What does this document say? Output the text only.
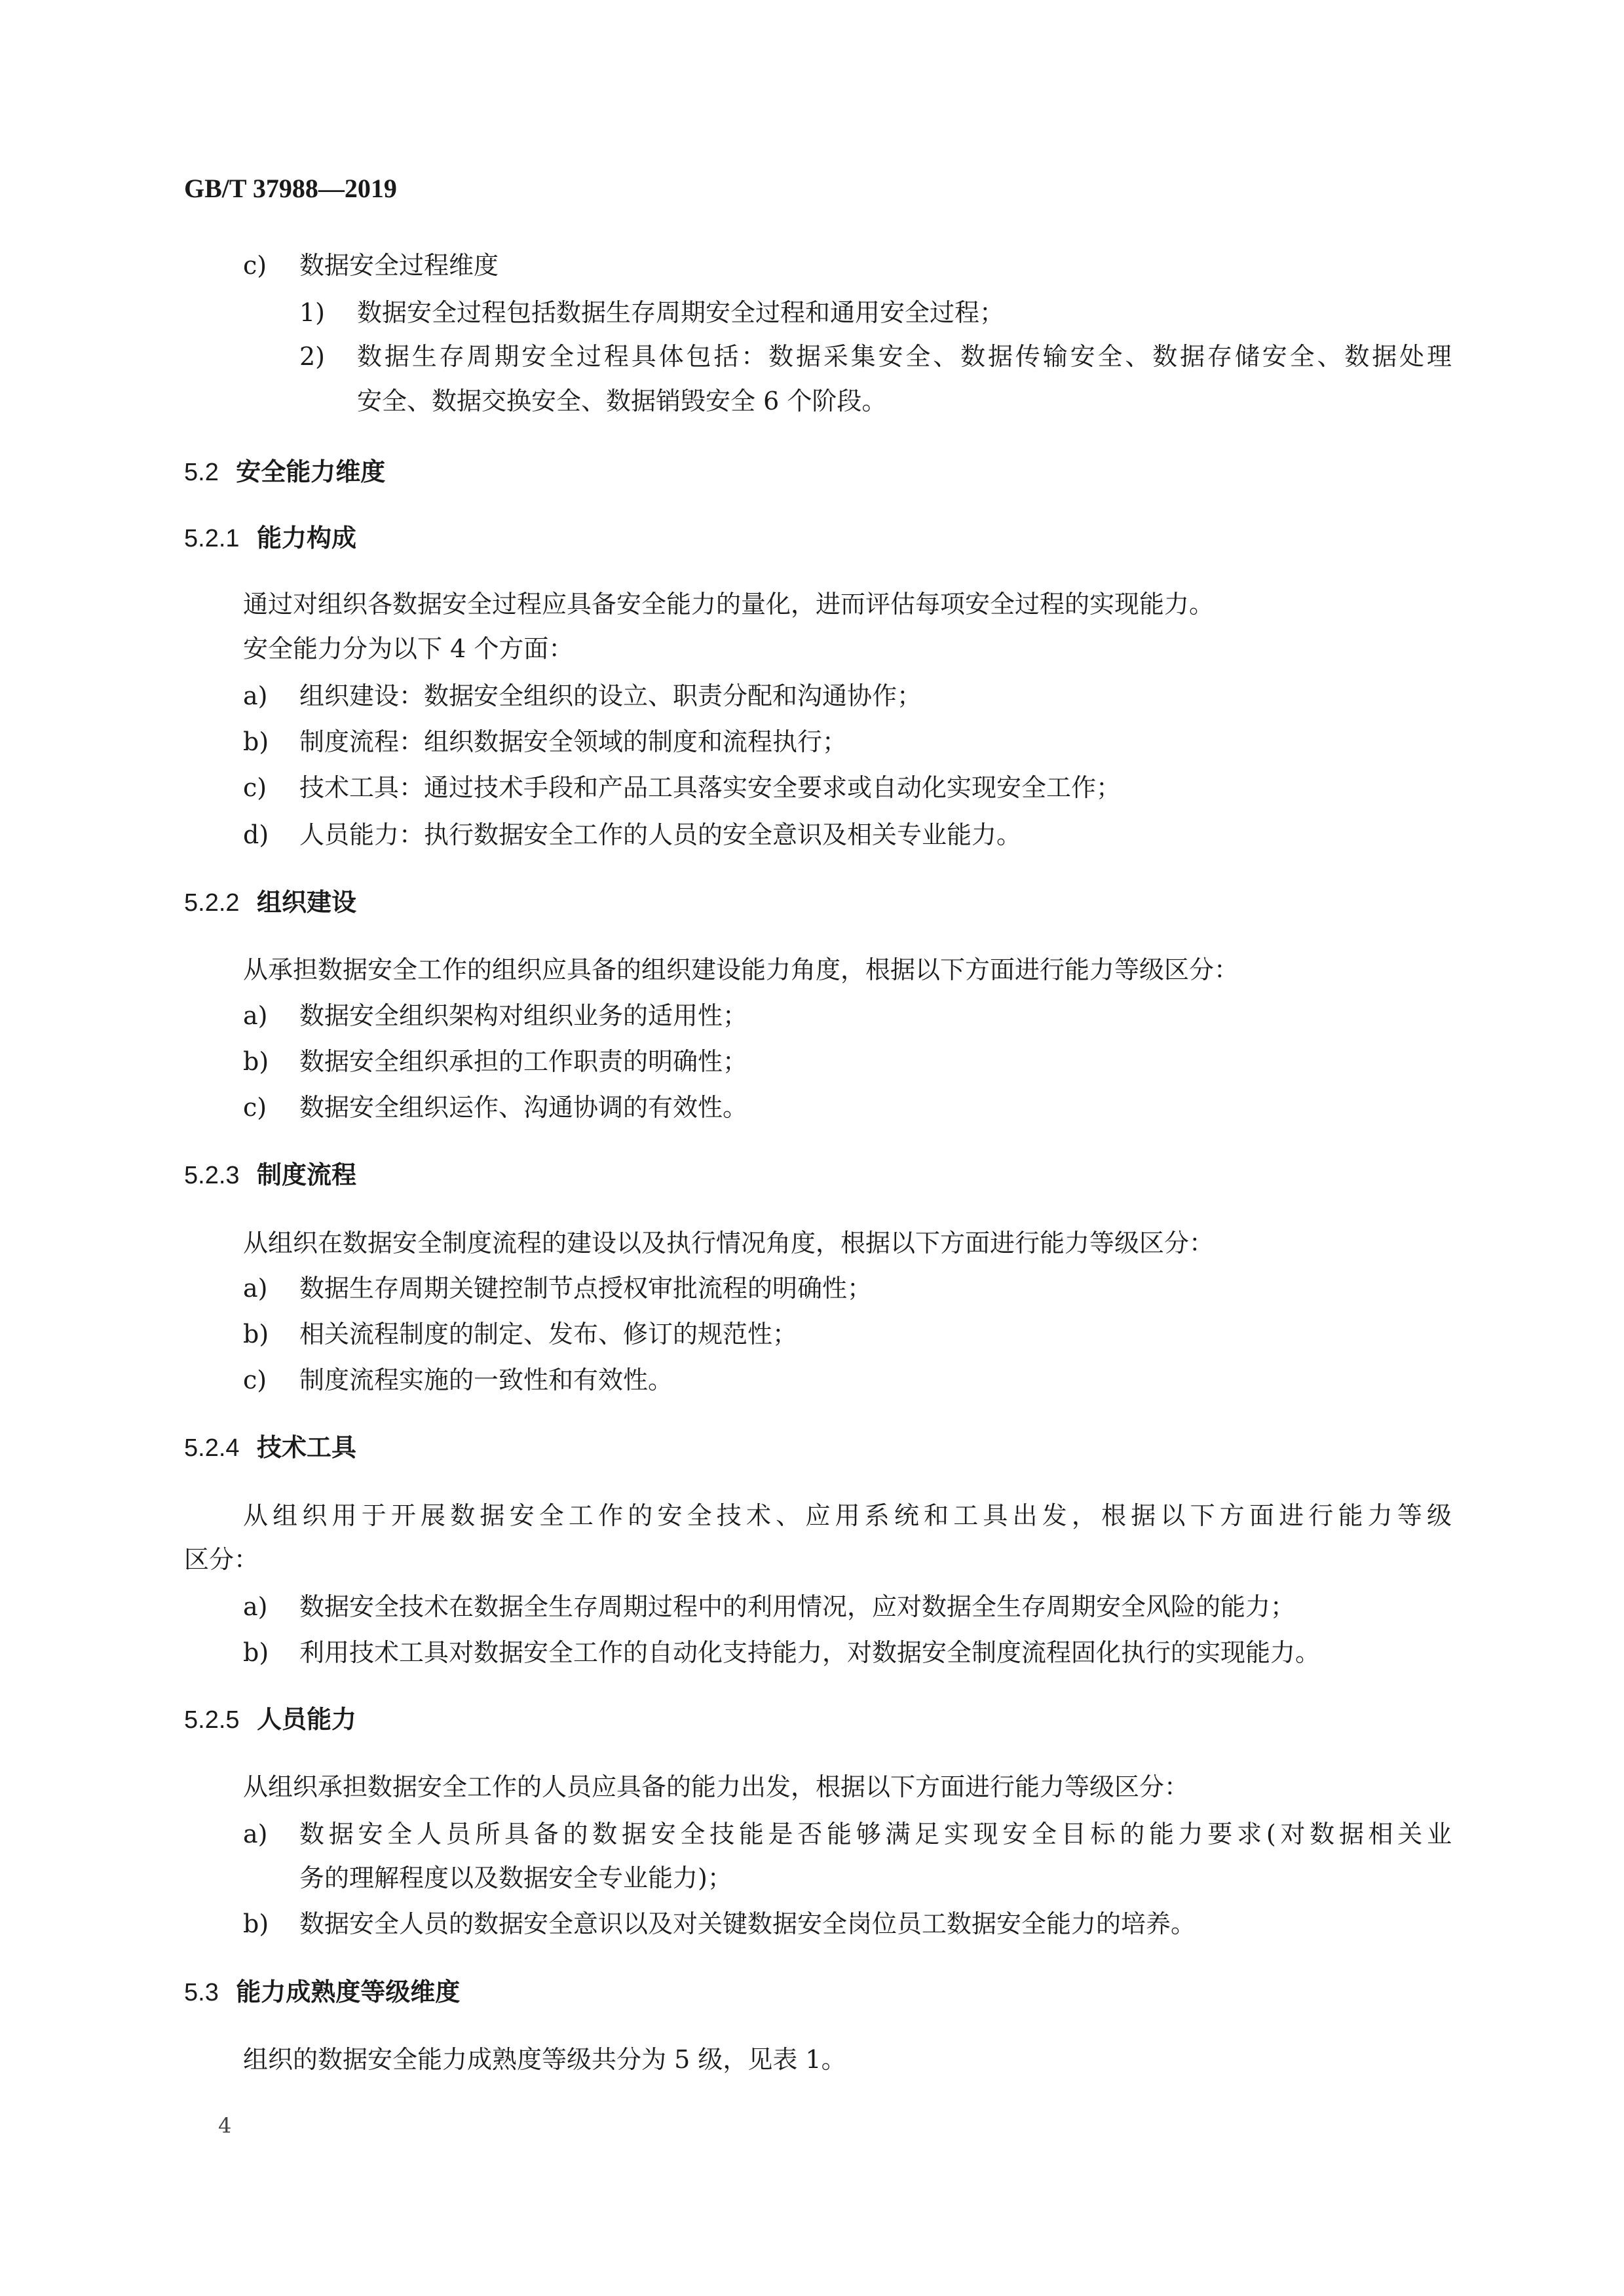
GB/T 37988—2019
c) 数据安全过程维度
1) 数据安全过程包括数据生存周期安全过程和通用安全过程；
2) 数据生存周期安全过程具体包括：数据采集安全、数据传输安全、数据存储安全、数据处理
安全、数据交换安全、数据销毁安全 6 个阶段。
5.2 安全能力维度
5.2.1 能力构成
通过对组织各数据安全过程应具备安全能力的量化，进而评估每项安全过程的实现能力。
安全能力分为以下 4 个方面：
a) 组织建设：数据安全组织的设立、职责分配和沟通协作；
b) 制度流程：组织数据安全领域的制度和流程执行；
c) 技术工具：通过技术手段和产品工具落实安全要求或自动化实现安全工作；
d) 人员能力：执行数据安全工作的人员的安全意识及相关专业能力。
5.2.2 组织建设
从承担数据安全工作的组织应具备的组织建设能力角度，根据以下方面进行能力等级区分：
a) 数据安全组织架构对组织业务的适用性；
b) 数据安全组织承担的工作职责的明确性；
c) 数据安全组织运作、沟通协调的有效性。
5.2.3 制度流程
从组织在数据安全制度流程的建设以及执行情况角度，根据以下方面进行能力等级区分：
a) 数据生存周期关键控制节点授权审批流程的明确性；
b) 相关流程制度的制定、发布、修订的规范性；
c) 制度流程实施的一致性和有效性。
5.2.4 技术工具
从组织用于开展数据安全工作的安全技术、应用系统和工具出发，根据以下方面进行能力等级
区分：
a) 数据安全技术在数据全生存周期过程中的利用情况，应对数据全生存周期安全风险的能力；
b) 利用技术工具对数据安全工作的自动化支持能力，对数据安全制度流程固化执行的实现能力。
5.2.5 人员能力
从组织承担数据安全工作的人员应具备的能力出发，根据以下方面进行能力等级区分：
a) 数据安全人员所具备的数据安全技能是否能够满足实现安全目标的能力要求(对数据相关业
务的理解程度以及数据安全专业能力)；
b) 数据安全人员的数据安全意识以及对关键数据安全岗位员工数据安全能力的培养。
5.3 能力成熟度等级维度
组织的数据安全能力成熟度等级共分为 5 级，见表 1。
4
